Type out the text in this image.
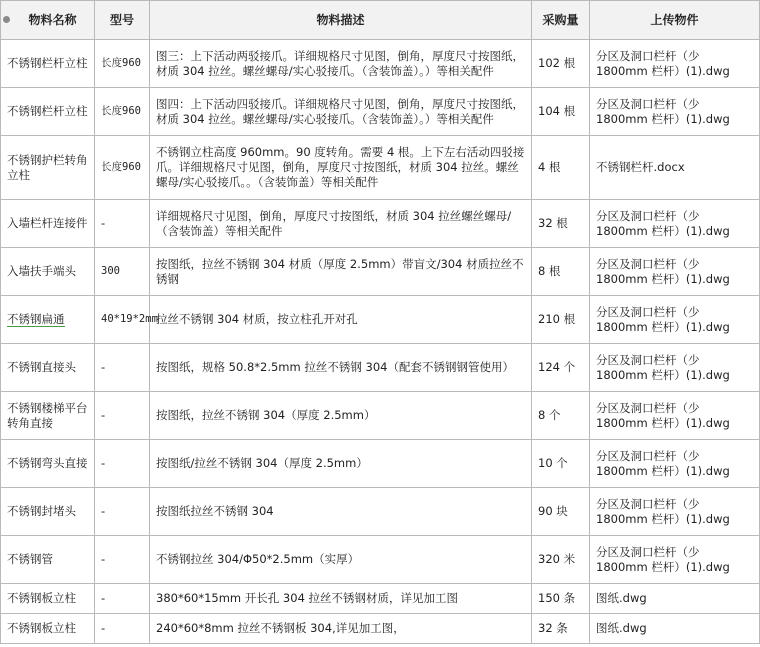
物料名称	型号	物料描述	采购量	上传物件
不锈钢栏杆立柱	长度960	图三：上下活动两驳接爪。详细规格尺寸见图，倒角，厚度尺寸按图纸，材质 304 拉丝。螺丝螺母/实心驳接爪。（含装饰盖）。）等相关配件	102 根	分区及洞口栏杆（少 1800mm 栏杆）(1).dwg
不锈钢栏杆立柱	长度960	图四：上下活动四驳接爪。详细规格尺寸见图，倒角，厚度尺寸按图纸，材质 304 拉丝。螺丝螺母/实心驳接爪。（含装饰盖）。）等相关配件	104 根	分区及洞口栏杆（少 1800mm 栏杆）(1).dwg
不锈钢护栏转角立柱	长度960	不锈钢立柱高度 960mm。90 度转角。需要 4 根。上下左右活动四驳接爪。详细规格尺寸见图，倒角，厚度尺寸按图纸，材质 304 拉丝。螺丝螺母/实心驳接爪。。（含装饰盖）等相关配件	4 根	不锈钢栏杆.docx
入墙栏杆连接件	-	详细规格尺寸见图，倒角，厚度尺寸按图纸，材质 304 拉丝螺丝螺母/（含装饰盖）等相关配件	32 根	分区及洞口栏杆（少 1800mm 栏杆）(1).dwg
入墙扶手端头	300	按图纸，拉丝不锈钢 304 材质（厚度 2.5mm）带盲文/304 材质拉丝不锈钢	8 根	分区及洞口栏杆（少 1800mm 栏杆）(1).dwg
不锈钢扁通	40*19*2mm	拉丝不锈钢 304 材质，按立柱孔开对孔	210 根	分区及洞口栏杆（少 1800mm 栏杆）(1).dwg
不锈钢直接头	-	按图纸，规格 50.8*2.5mm 拉丝不锈钢 304（配套不锈钢钢管使用）	124 个	分区及洞口栏杆（少 1800mm 栏杆）(1).dwg
不锈钢楼梯平台转角直接	-	按图纸，拉丝不锈钢 304（厚度 2.5mm）	8 个	分区及洞口栏杆（少 1800mm 栏杆）(1).dwg
不锈钢弯头直接	-	按图纸/拉丝不锈钢 304（厚度 2.5mm）	10 个	分区及洞口栏杆（少 1800mm 栏杆）(1).dwg
不锈钢封堵头	-	按图纸拉丝不锈钢 304	90 块	分区及洞口栏杆（少 1800mm 栏杆）(1).dwg
不锈钢管	-	不锈钢拉丝 304/Φ50*2.5mm（实厚）	320 米	分区及洞口栏杆（少 1800mm 栏杆）(1).dwg
不锈钢板立柱	-	380*60*15mm 开长孔 304 拉丝不锈钢材质，详见加工图	150 条	图纸.dwg
不锈钢板立柱	-	240*60*8mm 拉丝不锈钢板 304,详见加工图，	32 条	图纸.dwg
